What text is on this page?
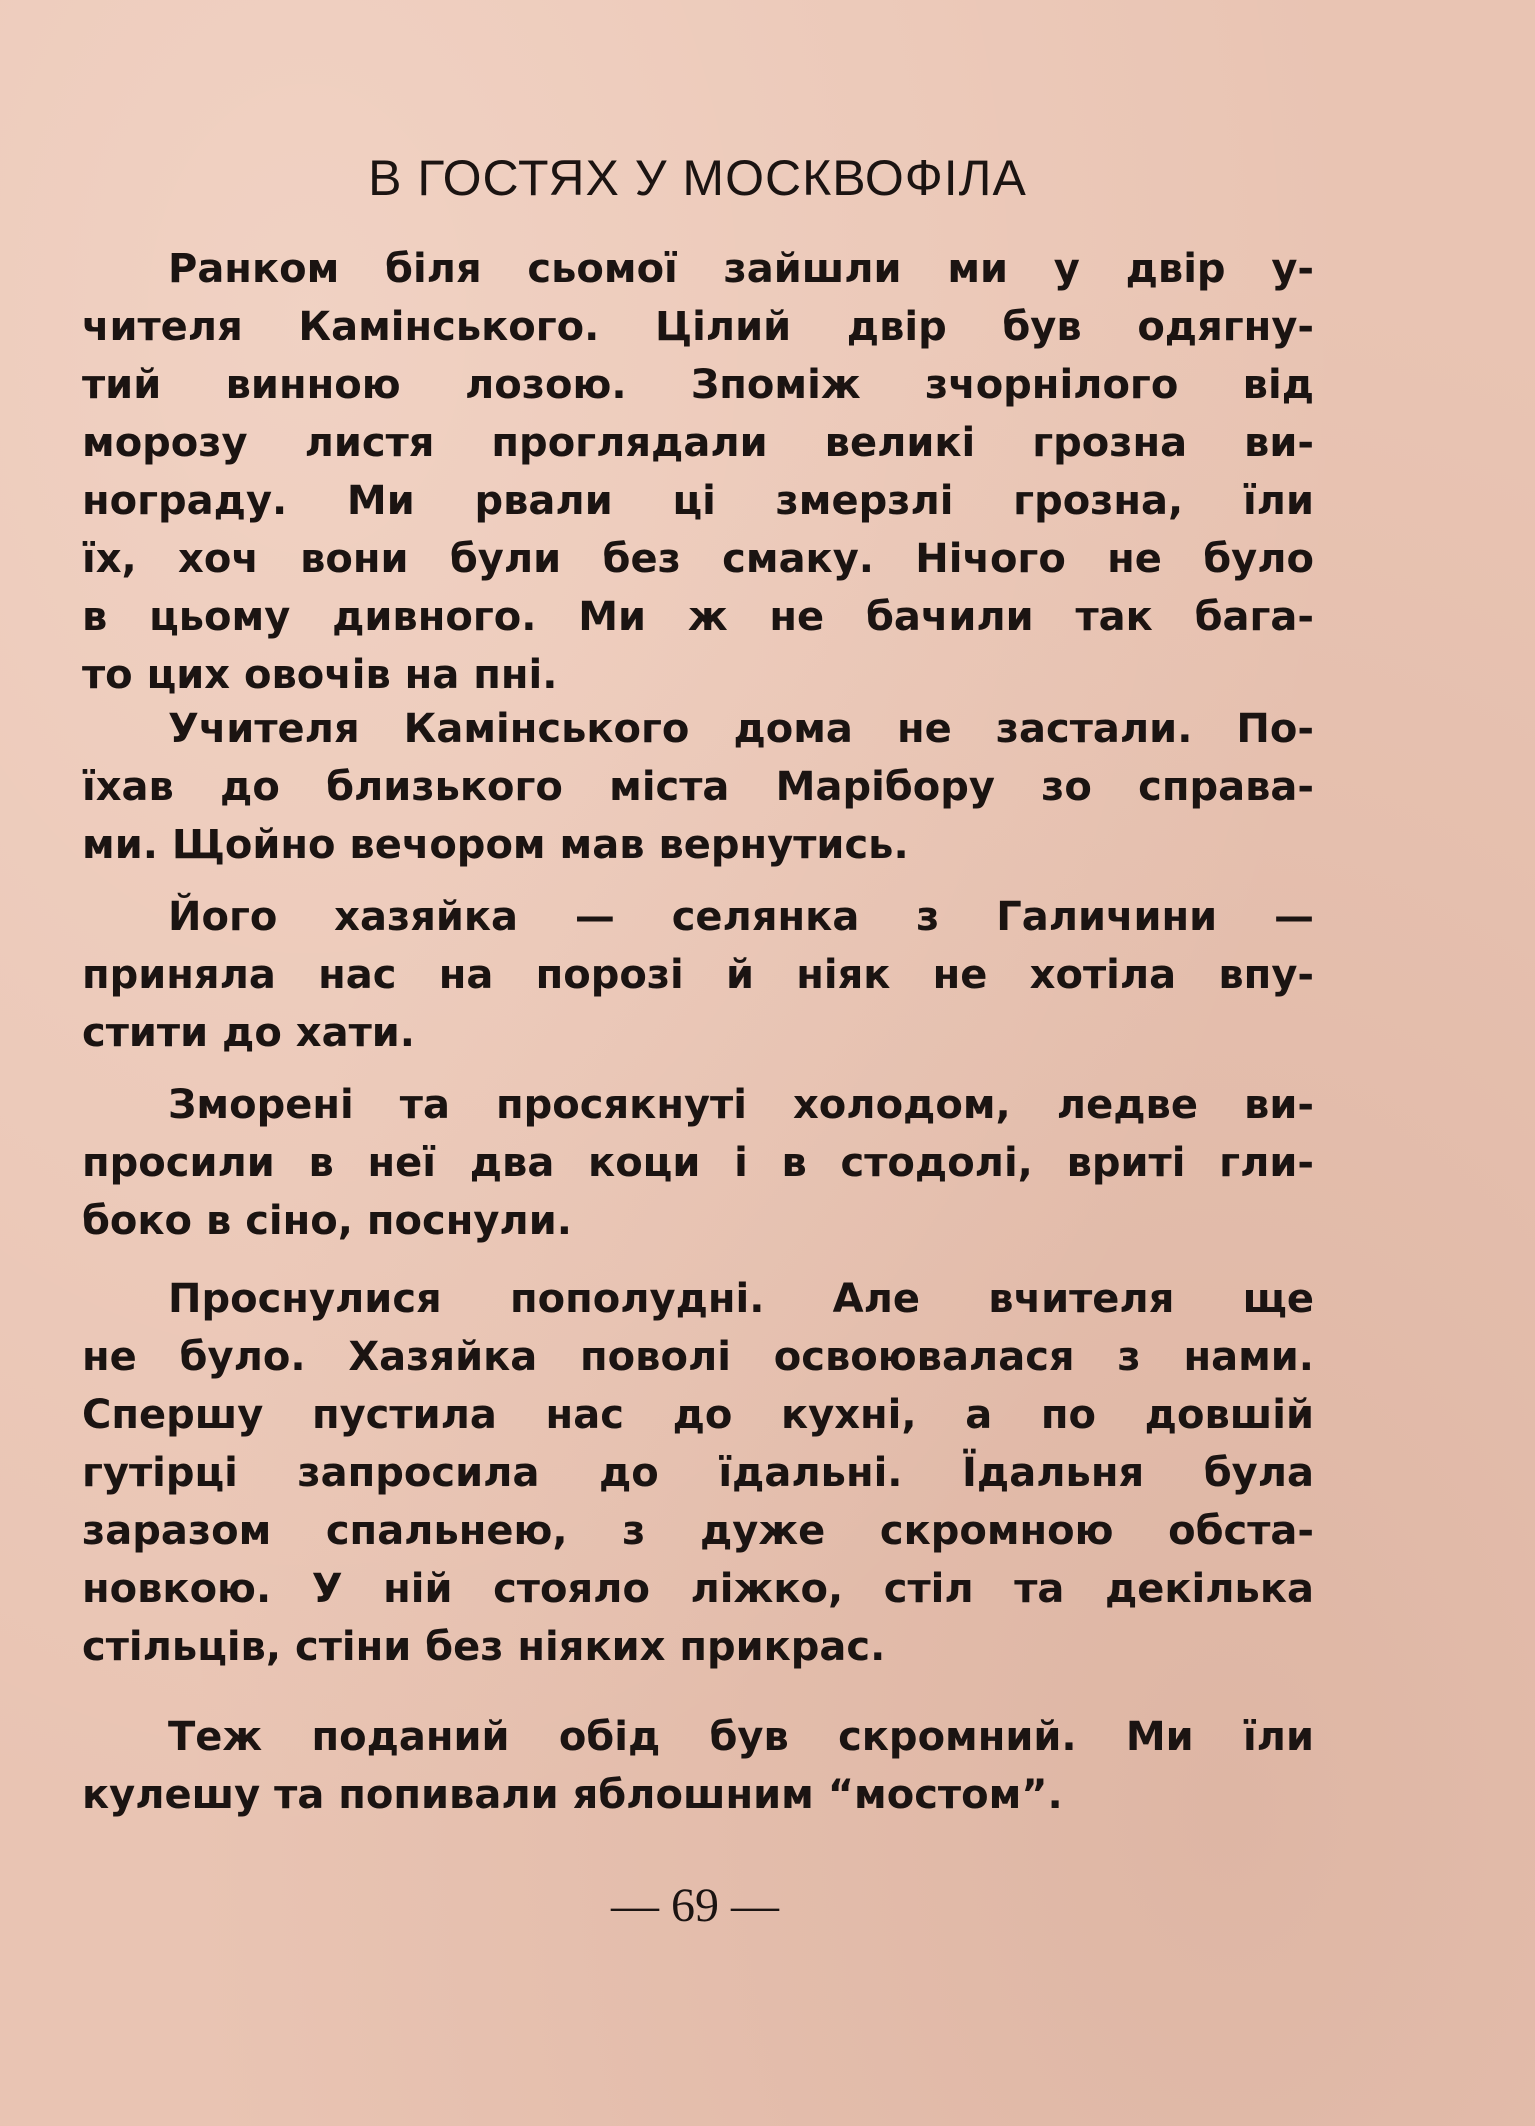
В ГОСТЯХ У МОСКВОФІЛА
Ранком біля сьомої зайшли ми у двір у-
чителя Камінського. Цілий двір був одягну-
тий винною лозою. Зпоміж зчорнілого від
морозу листя проглядали великі грозна ви-
нограду. Ми рвали ці змерзлі грозна, їли
їх, хоч вони були без смаку. Нічого не було
в цьому дивного. Ми ж не бачили так бага-
то цих овочів на пні.
Учителя Камінського дома не застали. По-
їхав до близького міста Марібору зо справа-
ми. Щойно вечором мав вернутись.
Його хазяйка — селянка з Галичини —
приняла нас на порозі й ніяк не хотіла впу-
стити до хати.
Зморені та просякнуті холодом, ледве ви-
просили в неї два коци і в стодолі, вриті гли-
боко в сіно, поснули.
Проснулися пополудні. Але вчителя ще
не було. Хазяйка поволі освоювалася з нами.
Спершу пустила нас до кухні, а по довшій
гутірці запросила до їдальні. Їдальня була
заразом спальнею, з дуже скромною обста-
новкою. У ній стояло ліжко, стіл та декілька
стільців, стіни без ніяких прикрас.
Теж поданий обід був скромний. Ми їли
кулешу та попивали яблошним “мостом”.
— 69 —
